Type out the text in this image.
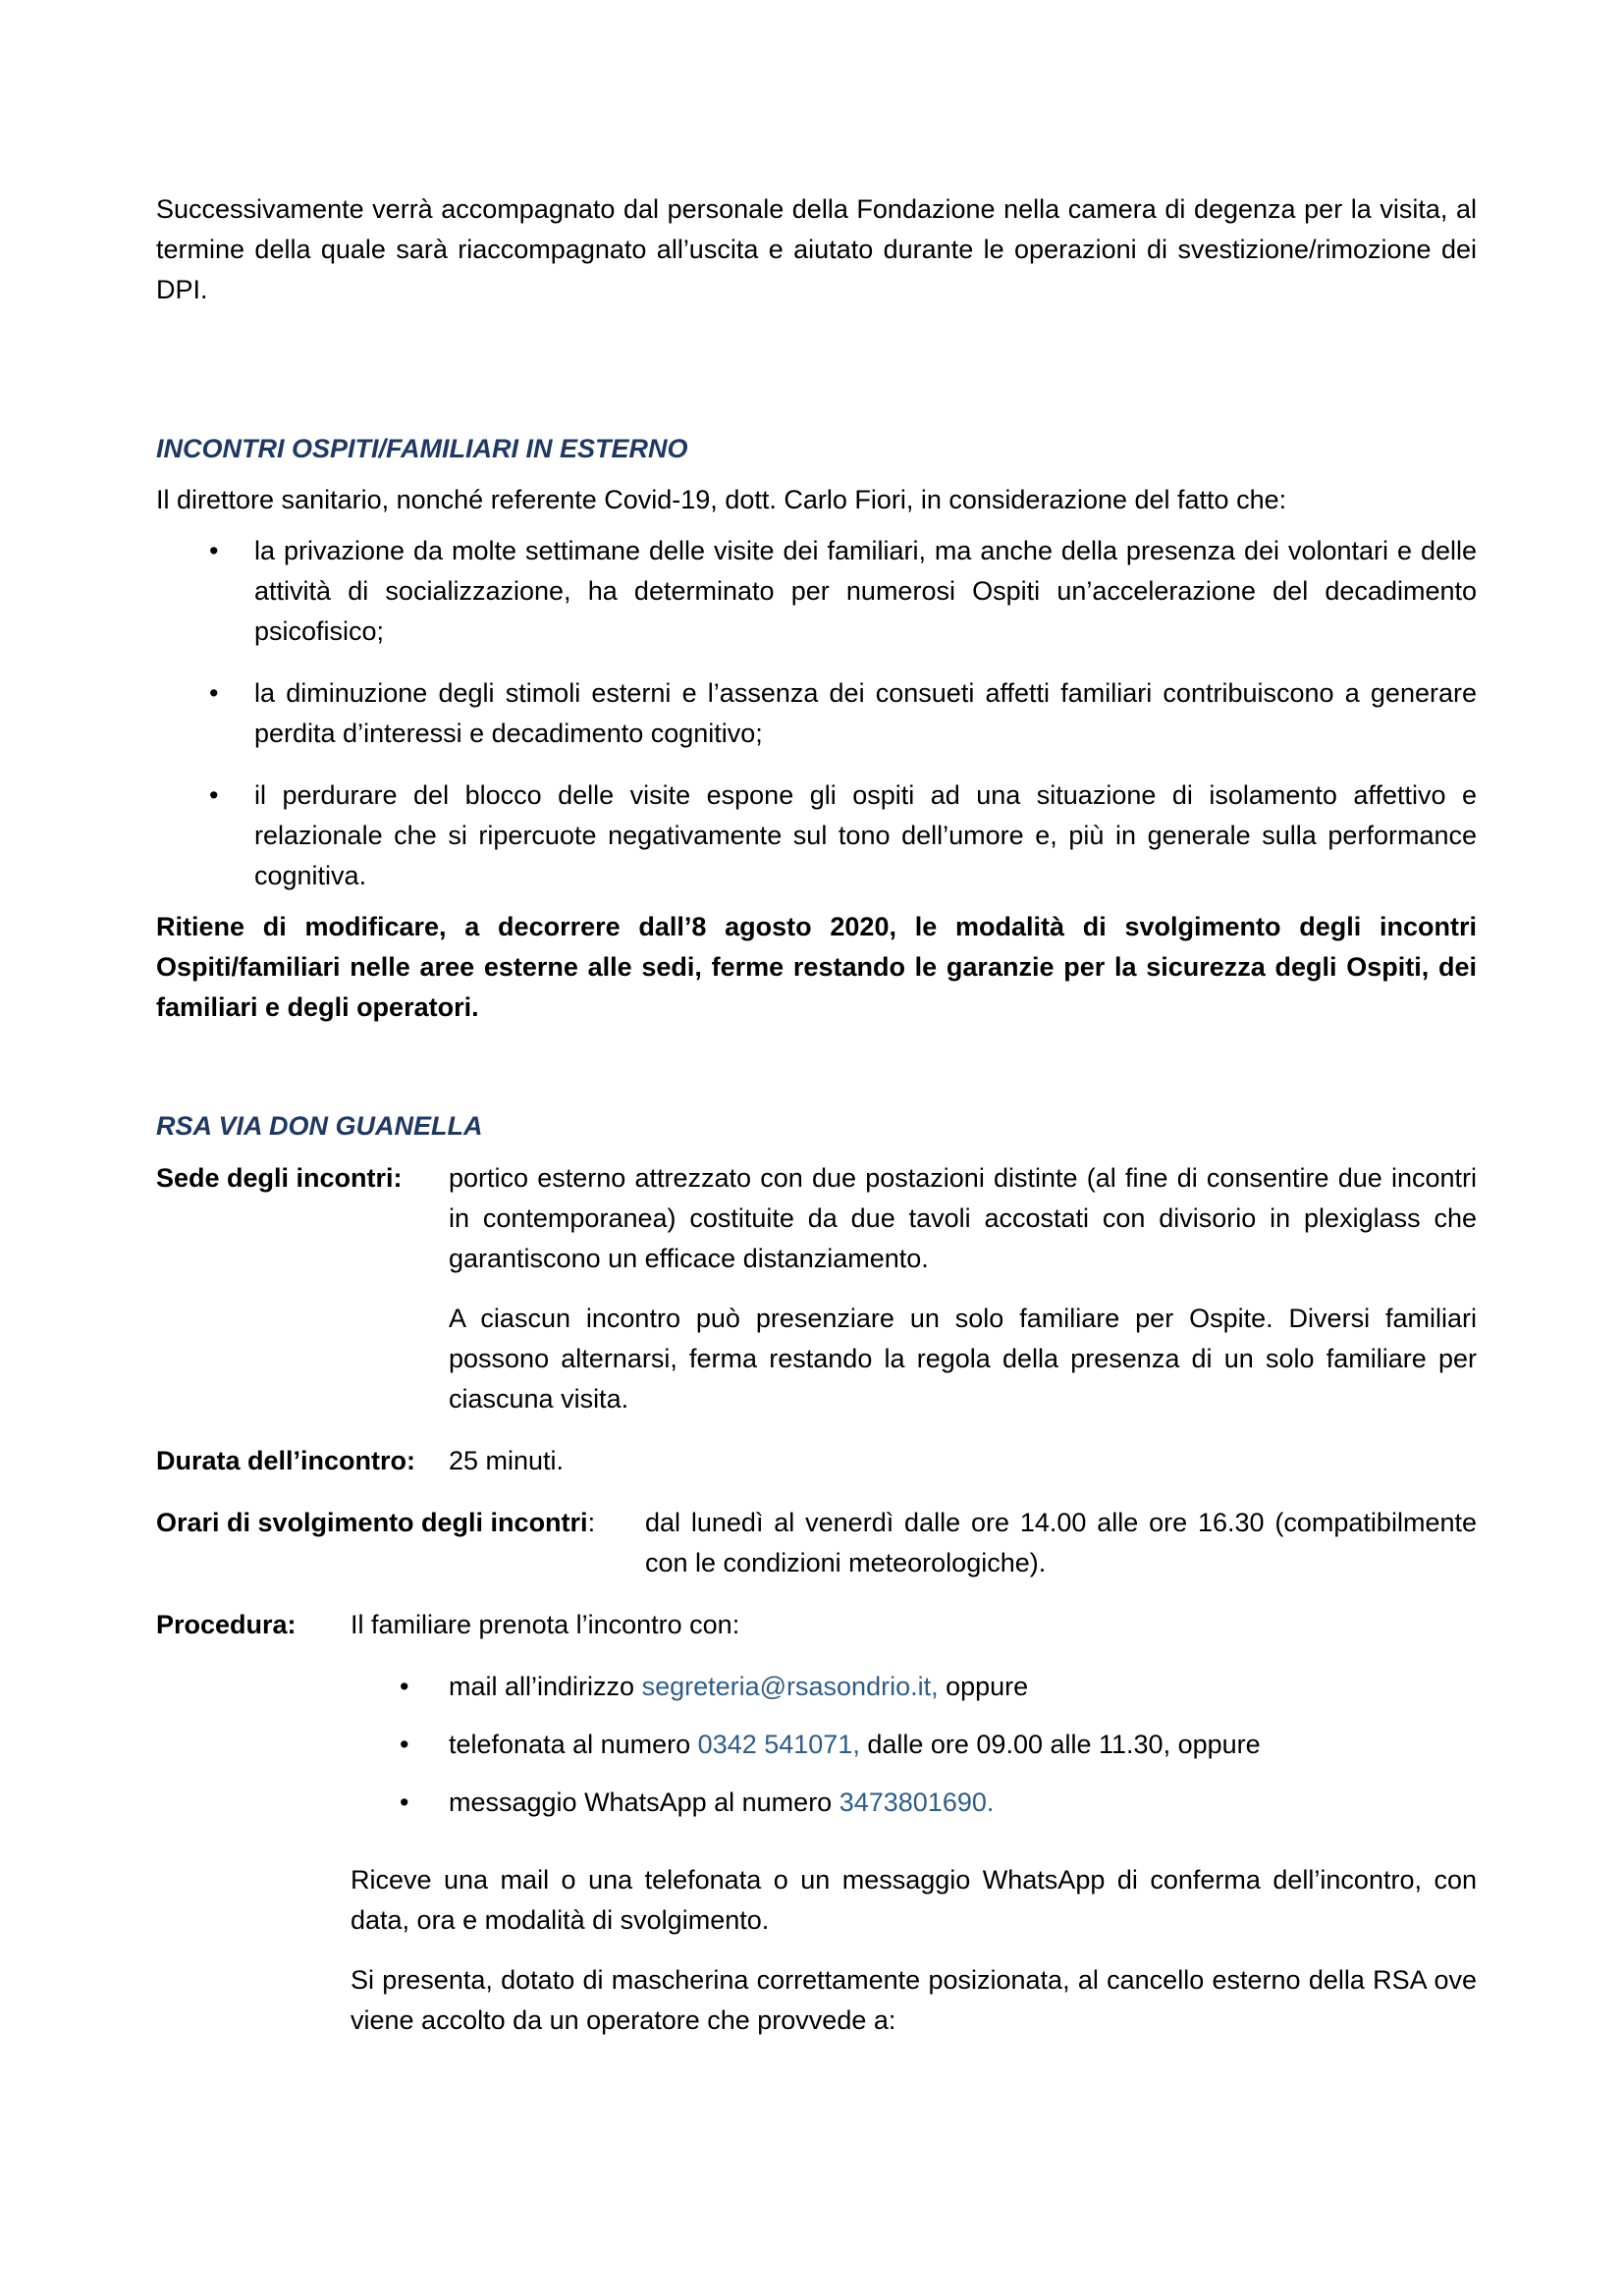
Successivamente verrà accompagnato dal personale della Fondazione nella camera di degenza per la visita, al termine della quale sarà riaccompagnato all’uscita e aiutato durante le operazioni di svestizione/rimozione dei DPI.

INCONTRI OSPITI/FAMILIARI IN ESTERNO

Il direttore sanitario, nonché referente Covid-19, dott. Carlo Fiori, in considerazione del fatto che:

• la privazione da molte settimane delle visite dei familiari, ma anche della presenza dei volontari e delle attività di socializzazione, ha determinato per numerosi Ospiti un’accelerazione del decadimento psicofisico;
• la diminuzione degli stimoli esterni e l’assenza dei consueti affetti familiari contribuiscono a generare perdita d’interessi e decadimento cognitivo;
• il perdurare del blocco delle visite espone gli ospiti ad una situazione di isolamento affettivo e relazionale che si ripercuote negativamente sul tono dell’umore e, più in generale sulla performance cognitiva.

Ritiene di modificare, a decorrere dall’8 agosto 2020, le modalità di svolgimento degli incontri Ospiti/familiari nelle aree esterne alle sedi, ferme restando le garanzie per la sicurezza degli Ospiti, dei familiari e degli operatori.

RSA VIA DON GUANELLA

Sede degli incontri:	portico esterno attrezzato con due postazioni distinte (al fine di consentire due incontri in contemporanea) costituite da due tavoli accostati con divisorio in plexiglass che garantiscono un efficace distanziamento.

A ciascun incontro può presenziare un solo familiare per Ospite. Diversi familiari possono alternarsi, ferma restando la regola della presenza di un solo familiare per ciascuna visita.

Durata dell’incontro:	25 minuti.
Orari di svolgimento degli incontri:	dal lunedì al venerdì dalle ore 14.00 alle ore 16.30 (compatibilmente con le condizioni meteorologiche).
Procedura:	Il familiare prenota l’incontro con:
• mail all’indirizzo segreteria@rsasondrio.it, oppure
• telefonata al numero 0342 541071, dalle ore 09.00 alle 11.30, oppure
• messaggio WhatsApp al numero 3473801690.

Riceve una mail o una telefonata o un messaggio WhatsApp di conferma dell’incontro, con data, ora e modalità di svolgimento.

Si presenta, dotato di mascherina correttamente posizionata, al cancello esterno della RSA ove viene accolto da un operatore che provvede a:
